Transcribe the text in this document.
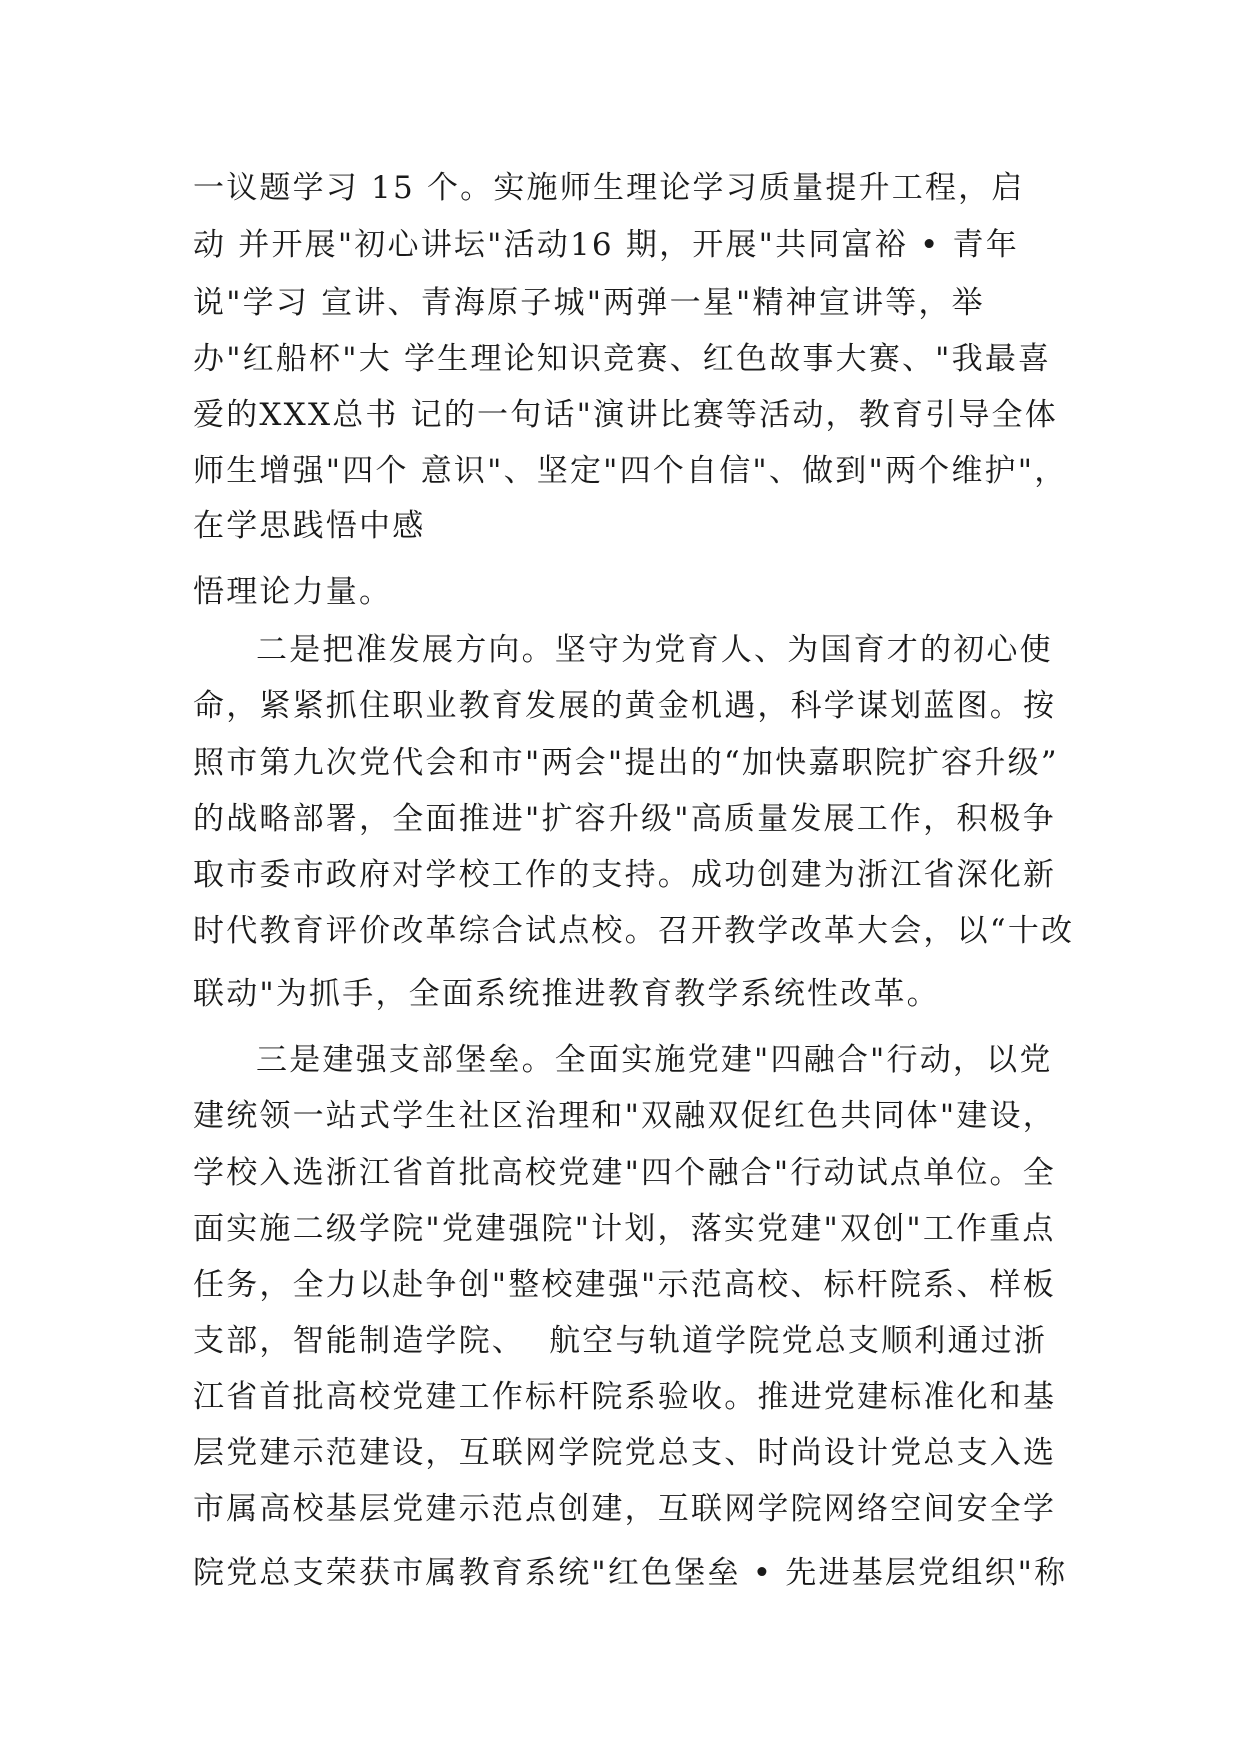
一议题学习 15 个。实施师生理论学习质量提升工程，启

动 并开展"初心讲坛"活动16 期，开展"共同富裕 • 青年

说"学习 宣讲、青海原子城"两弹一星"精神宣讲等，举

办"红船杯"大 学生理论知识竞赛、红色故事大赛、"我最喜

爱的XXX总书 记的一句话"演讲比赛等活动，教育引导全体

师生增强"四个 意识"、坚定"四个自信"、做到"两个维护"，

在学思践悟中感

悟理论力量。

二是把准发展方向。坚守为党育人、为国育才的初心使

命，紧紧抓住职业教育发展的黄金机遇，科学谋划蓝图。按

照市第九次党代会和市"两会"提出的“加快嘉职院扩容升级”

的战略部署，全面推进"扩容升级"高质量发展工作，积极争

取市委市政府对学校工作的支持。成功创建为浙江省深化新

时代教育评价改革综合试点校。召开教学改革大会，以“十改

联动"为抓手，全面系统推进教育教学系统性改革。

三是建强支部堡垒。全面实施党建"四融合"行动，以党

建统领一站式学生社区治理和"双融双促红色共同体"建设，

学校入选浙江省首批高校党建"四个融合"行动试点单位。全

面实施二级学院"党建强院"计划，落实党建"双创"工作重点

任务，全力以赴争创"整校建强"示范高校、标杆院系、样板

支部，智能制造学院、  航空与轨道学院党总支顺利通过浙

江省首批高校党建工作标杆院系验收。推进党建标准化和基

层党建示范建设，互联网学院党总支、时尚设计党总支入选

市属高校基层党建示范点创建，互联网学院网络空间安全学

院党总支荣获市属教育系统"红色堡垒 • 先进基层党组织"称
